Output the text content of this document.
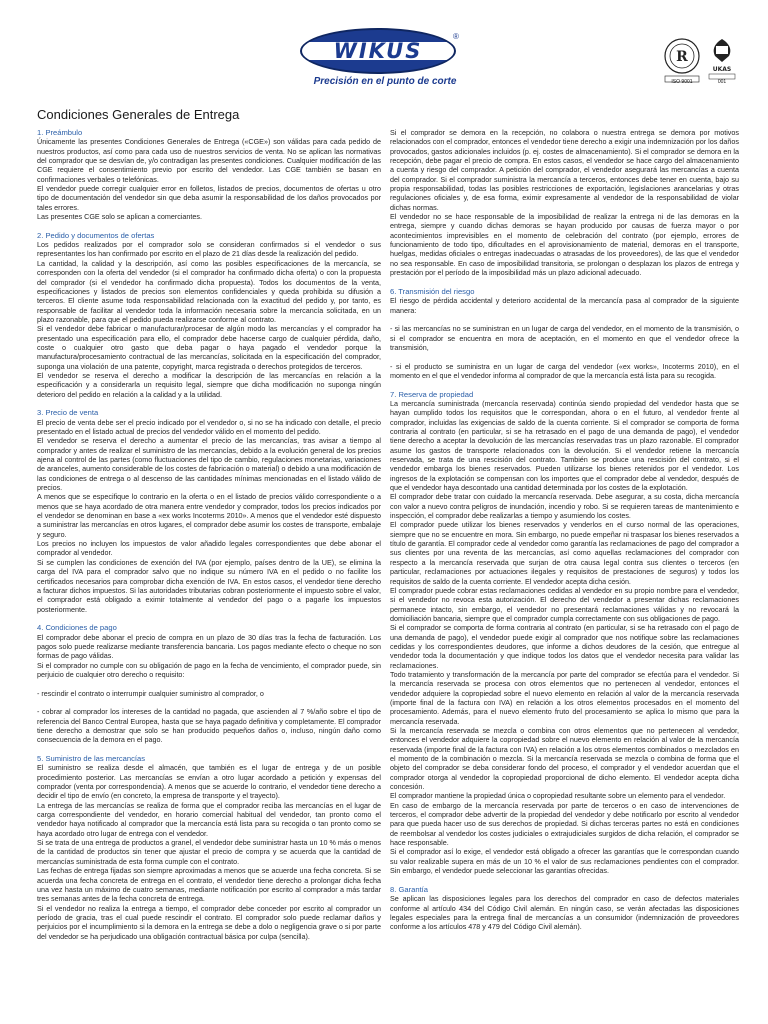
WIKUS
®
Precisión en el punto de corte
R
ISO 9001
UKAS
001
Condiciones Generales de Entrega
1. Preámbulo

Únicamente las presentes Condiciones Generales de Entrega («CGE») son válidas para cada pedido de nuestros productos, así como para cada uso de nuestros servicios de venta. No se aplican las normativas del comprador que se desvían de, y/o contradigan las presentes condiciones. Cualquier modificación de las CGE requiere el consentimiento previo por escrito del vendedor. Las CGE también se basan en confirmaciones verbales o telefónicas.

El vendedor puede corregir cualquier error en folletos, listados de precios, documentos de ofertas u otro tipo de documentación del vendedor sin que deba asumir la responsabilidad de los daños provocados por tales errores.

Las presentes CGE solo se aplican a comerciantes.

2. Pedido y documentos de ofertas

Los pedidos realizados por el comprador solo se consideran confirmados si el vendedor o sus representantes los han confirmado por escrito en el plazo de 21 días desde la realización del pedido.

La cantidad, la calidad y la descripción, así como las posibles especificaciones de la mercancía, se corresponden con la oferta del vendedor (si el comprador ha confirmado dicha oferta) o con la propuesta del comprador (si el vendedor ha confirmado dicha propuesta). Todos los documentos de la venta, especificaciones y listados de precios son elementos confidenciales y queda prohibida su difusión a terceros. El cliente asume toda responsabilidad relacionada con la exactitud del pedido y, por tanto, es responsable de facilitar al vendedor toda la información necesaria sobre la mercancía solicitada, en un plazo razonable, para que el pedido pueda realizarse conforme al contrato.

Si el vendedor debe fabricar o manufacturar/procesar de algún modo las mercancías y el comprador ha presentado una especificación para ello, el comprador debe hacerse cargo de cualquier pérdida, daño, coste o cualquier otro gasto que deba pagar o haya pagado el vendedor porque la manufactura/procesamiento contractual de las mercancías, solicitada en la especificación del comprador, suponga una violación de una patente, copyright, marca registrada o derechos protegidos de terceros.

El vendedor se reserva el derecho a modificar la descripción de las mercancías en relación a la especificación y a considerarla un requisito legal, siempre que dicha modificación no suponga ningún deterioro del pedido en relación a la calidad y a la utilidad.

3. Precio de venta

El precio de venta debe ser el precio indicado por el vendedor o, si no se ha indicado con detalle, el precio presentado en el listado actual de precios del vendedor válido en el momento del pedido.

El vendedor se reserva el derecho a aumentar el precio de las mercancías, tras avisar a tiempo al comprador y antes de realizar el suministro de las mercancías, debido a la evolución general de los precios ajena al control de las partes (como fluctuaciones del tipo de cambio, regulaciones monetarias, variaciones de aranceles, aumento considerable de los costes de fabricación o material) o debido a una modificación de las condiciones de entrega o al descenso de las cantidades mínimas mencionadas en el listado válido de precios.

A menos que se especifique lo contrario en la oferta o en el listado de precios válido correspondiente o a menos que se haya acordado de otra manera entre vendedor y comprador, todos los precios indicados por el vendedor se denominan en base a «ex works Incoterms 2010». A menos que el vendedor esté dispuesto a suministrar las mercancías en otros lugares, el comprador debe asumir los costes de transporte, embalaje y seguro.

Los precios no incluyen los impuestos de valor añadido legales correspondientes que debe abonar el comprador al vendedor.

Si se cumplen las condiciones de exención del IVA (por ejemplo, países dentro de la UE), se elimina la carga del IVA para el comprador salvo que no indique su número IVA en el pedido o no facilite los certificados necesarios para comprobar dicha exención de IVA. En estos casos, el vendedor tiene derecho a facturar dichos impuestos. Si las autoridades tributarias cobran posteriormente el impuesto sobre el valor, el comprador está obligado a eximir totalmente al vendedor del pago o a pagarle los impuestos posteriormente.

4. Condiciones de pago

El comprador debe abonar el precio de compra en un plazo de 30 días tras la fecha de facturación. Los pagos solo puede realizarse mediante transferencia bancaria. Los pagos mediante efecto o cheque no son formas de pago válidas.

Si el comprador no cumple con su obligación de pago en la fecha de vencimiento, el comprador puede, sin perjuicio de cualquier otro derecho o requisito:

- rescindir el contrato o interrumpir cualquier suministro al comprador, o

- cobrar al comprador los intereses de la cantidad no pagada, que ascienden al 7 %/año sobre el tipo de referencia del Banco Central Europea, hasta que se haya pagado definitiva y completamente. El comprador tiene derecho a demostrar que solo se han producido pequeños daños o, incluso, ningún daño como consecuencia de la demora en el pago.

5. Suministro de las mercancías

El suministro se realiza desde el almacén, que también es el lugar de entrega y de un posible procedimiento posterior. Las mercancías se envían a otro lugar acordado a petición y expensas del comprador (venta por correspondencia). A menos que se acuerde lo contrario, el vendedor tiene derecho a decidir el tipo de envío (en concreto, la empresa de transporte y el trayecto).

La entrega de las mercancías se realiza de forma que el comprador reciba las mercancías en el lugar de carga correspondiente del vendedor, en horario comercial habitual del vendedor, tan pronto como el vendedor haya notificado al comprador que la mercancía está lista para su recogida o tan pronto como se haya acordado otro lugar de entrega con el vendedor.

Si se trata de una entrega de productos a granel, el vendedor debe suministrar hasta un 10 % más o menos de la cantidad de productos sin tener que ajustar el precio de compra y se acuerda que la cantidad de mercancías suministrada de esta forma cumple con el contrato.

Las fechas de entrega fijadas son siempre aproximadas a menos que se acuerde una fecha concreta. Si se acuerda una fecha concreta de entrega en el contrato, el vendedor tiene derecho a prolongar dicha fecha una vez hasta un máximo de cuatro semanas, mediante notificación por escrito al comprador a más tardar tres semanas antes de la fecha concreta de entrega.

Si el vendedor no realiza la entrega a tiempo, el comprador debe conceder por escrito al comprador un período de gracia, tras el cual puede rescindir el contrato. El comprador solo puede reclamar daños y perjuicios por el incumplimiento si la demora en la entrega se debe a dolo o negligencia grave o si por parte del vendedor se ha perjudicado una obligación contractual básica por culpa (sencilla).

Si el comprador se demora en la recepción, no colabora o nuestra entrega se demora por motivos relacionados con el comprador, entonces el vendedor tiene derecho a exigir una indemnización por los daños provocados, gastos adicionales incluidos (p. ej. costes de almacenamiento). Si el comprador se demora en la recepción, debe pagar el precio de compra. En estos casos, el vendedor se hace cargo del almacenamiento a cuenta y riesgo del comprador. A petición del comprador, el vendedor asegurará las mercancías a cuenta del comprador. Si el comprador suministra la mercancía a terceros, entonces debe tener en cuenta, bajo su propia responsabilidad, todas las posibles restricciones de exportación, legislaciones arancelarias y otras regulaciones oficiales y, de esa forma, eximir expresamente al vendedor de la responsabilidad de violar dichas normas.

El vendedor no se hace responsable de la imposibilidad de realizar la entrega ni de las demoras en la entrega, siempre y cuando dichas demoras se hayan producido por causas de fuerza mayor o por acontecimientos imprevisibles en el momento de celebración del contrato (por ejemplo, errores de funcionamiento de todo tipo, dificultades en el aprovisionamiento de material, demoras en el transporte, huelgas, medidas oficiales o entregas inadecuadas o atrasadas de los proveedores), de las que el vendedor no sea responsable. En caso de imposibilidad transitoria, se prolongan o desplazan los plazos de entrega y prestación por el período de la imposibilidad más un plazo adicional adecuado.

6. Transmisión del riesgo

El riesgo de pérdida accidental y deterioro accidental de la mercancía pasa al comprador de la siguiente manera:

- si las mercancías no se suministran en un lugar de carga del vendedor, en el momento de la transmisión, o si el comprador se encuentra en mora de aceptación, en el momento en que el vendedor ofrece la transmisión,

- si el producto se suministra en un lugar de carga del vendedor («ex works», Incoterms 2010), en el momento en el que el vendedor informa al comprador de que la mercancía está lista para su recogida.

7. Reserva de propiedad

La mercancía suministrada (mercancía reservada) continúa siendo propiedad del vendedor hasta que se hayan cumplido todos los requisitos que le correspondan, ahora o en el futuro, al vendedor frente al comprador, incluidas las exigencias de saldo de la cuenta corriente. Si el comprador se comporta de forma contraria al contrato (en particular, si se ha retrasado en el pago de una demanda de pago), el vendedor tiene derecho a aceptar la devolución de las mercancías reservadas tras un plazo razonable. El comprador asume los gastos de transporte relacionados con la devolución. Si el vendedor retiene la mercancía reservada, se trata de una rescisión del contrato. También se produce una rescisión del contrato, si el vendedor embarga los bienes reservados. Pueden utilizarse los bienes retenidos por el vendedor. Los ingresos de la explotación se compensan con los importes que el comprador debe al vendedor, después de que el vendedor haya descontado una cantidad determinada por los costes de la explotación.

El comprador debe tratar con cuidado la mercancía reservada. Debe asegurar, a su costa, dicha mercancía con valor a nuevo contra peligros de inundación, incendio y robo. Si se requieren tareas de mantenimiento e inspección, el comprador debe realizarlas a tiempo y asumiendo los costes.

El comprador puede utilizar los bienes reservados y venderlos en el curso normal de las operaciones, siempre que no se encuentre en mora. Sin embargo, no puede empeñar ni traspasar los bienes reservados a título de garantía. El comprador cede al vendedor como garantía las reclamaciones de pago del comprador a sus clientes por una reventa de las mercancías, así como aquellas reclamaciones del comprador con respecto a la mercancía reservada que surjan de otra causa legal contra sus clientes o terceros (en particular, reclamaciones por actuaciones ilegales y requisitos de prestaciones de seguros) y todos los requisitos de saldo de la cuenta corriente. El vendedor acepta dicha cesión.

El comprador puede cobrar estas reclamaciones cedidas al vendedor en su propio nombre para el vendedor, si el vendedor no revoca esta autorización. El derecho del vendedor a presentar dichas reclamaciones permanece intacto, sin embargo, el vendedor no presentará reclamaciones válidas y no revocará la domiciliación bancaria, siempre que el comprador cumpla correctamente con sus obligaciones de pago.

Si el comprador se comporta de forma contraria al contrato (en particular, si se ha retrasado con el pago de una demanda de pago), el vendedor puede exigir al comprador que nos notifique sobre las reclamaciones cedidas y los correspondientes deudores, que informe a dichos deudores de la cesión, que entregue al vendedor toda la documentación y que indique todos los datos que el vendedor necesita para validar las reclamaciones.

Todo tratamiento y transformación de la mercancía por parte del comprador se efectúa para el vendedor. Si la mercancía reservada se procesa con otros elementos que no pertenecen al vendedor, entonces el vendedor adquiere la copropiedad sobre el nuevo elemento en relación al valor de la mercancía reservada (importe final de la factura con IVA) en relación a los otros elementos procesados en el momento del procesamiento. Además, para el nuevo elemento fruto del procesamiento se aplica lo mismo que para la mercancía reservada.

Si la mercancía reservada se mezcla o combina con otros elementos que no pertenecen al vendedor, entonces el vendedor adquiere la copropiedad sobre el nuevo elemento en relación al valor de la mercancía reservada (importe final de la factura con IVA) en relación a los otros elementos combinados o mezclados en el momento de la combinación o mezcla. Si la mercancía reservada se mezcla o combina de forma que el objeto del comprador se deba considerar fondo del proceso, el comprador y el vendedor acuerdan que el comprador otorga al vendedor la copropiedad proporcional de dicho elemento. El vendedor acepta dicha concesión.

El comprador mantiene la propiedad única o copropiedad resultante sobre un elemento para el vendedor.

En caso de embargo de la mercancía reservada por parte de terceros o en caso de intervenciones de terceros, el comprador debe advertir de la propiedad del vendedor y debe notificarlo por escrito al vendedor para que pueda hacer uso de sus derechos de propiedad. Si dichas terceras partes no está en condiciones de reembolsar al vendedor los costes judiciales o extrajudiciales surgidos de dicha relación, el comprador se hace responsable.

Si el comprador así lo exige, el vendedor está obligado a ofrecer las garantías que le correspondan cuando su valor realizable supera en más de un 10 % el valor de sus reclamaciones pendientes con el comprador. Sin embargo, el vendedor puede seleccionar las garantías ofrecidas.

8. Garantía

Se aplican las disposiciones legales para los derechos del comprador en caso de defectos materiales conforme al artículo 434 del Código Civil alemán. En ningún caso, se verán afectadas las disposiciones legales especiales para la entrega final de mercancías a un consumidor (indemnización de proveedores conforme a los artículos 478 y 479 del Código Civil alemán).
